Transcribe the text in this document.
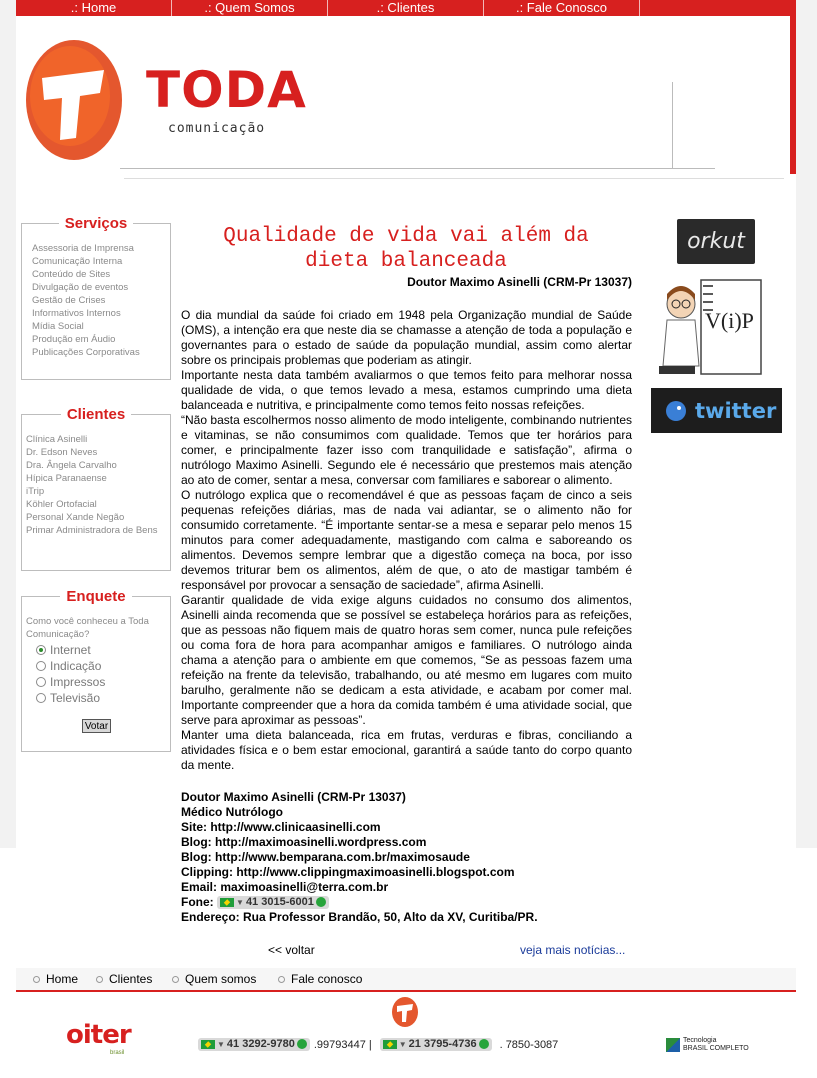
.: Home	.: Quem Somos	.: Clientes	.: Fale Conosco
TODA
comunicação
Serviços
Assessoria de Imprensa
Comunicação Interna
Conteúdo de Sites
Divulgação de eventos
Gestão de Crises
Informativos Internos
Mídia Social
Produção em Áudio
Publicações Corporativas
Clientes
Clínica Asinelli
Dr. Edson Neves
Dra. Ângela Carvalho
Hípica Paranaense
iTrip
Köhler Ortofacial
Personal Xande Negão
Primar Administradora de Bens
Enquete
Como você conheceu a Toda Comunicação?
Internet
Indicação
Impressos
Televisão
Votar
Qualidade de vida vai além da dieta balanceada
Doutor Maximo Asinelli (CRM-Pr 13037)

O dia mundial da saúde foi criado em 1948 pela Organização mundial de Saúde (OMS), a intenção era que neste dia se chamasse a atenção de toda a população e governantes para o estado de saúde da população mundial, assim como alertar sobre os principais problemas que poderiam as atingir.

Importante nesta data também avaliarmos o que temos feito para melhorar nossa qualidade de vida, o que temos levado a mesa, estamos cumprindo uma dieta balanceada e nutritiva, e principalmente como temos feito nossas refeições.

“Não basta escolhermos nosso alimento de modo inteligente, combinando nutrientes e vitaminas, se não consumimos com qualidade. Temos que ter horários para comer, e principalmente fazer isso com tranquilidade e satisfação”, afirma o nutrólogo Maximo Asinelli. Segundo ele é necessário que prestemos mais atenção ao ato de comer, sentar a mesa, conversar com familiares e saborear o alimento.

O nutrólogo explica que o recomendável é que as pessoas façam de cinco a seis pequenas refeições diárias, mas de nada vai adiantar, se o alimento não for consumido corretamente. “É importante sentar-se a mesa e separar pelo menos 15 minutos para comer adequadamente, mastigando com calma e saboreando os alimentos. Devemos sempre lembrar que a digestão começa na boca, por isso devemos triturar bem os alimentos, além de que, o ato de mastigar também é responsável por provocar a sensação de saciedade”, afirma Asinelli.

Garantir qualidade de vida exige alguns cuidados no consumo dos alimentos, Asinelli ainda recomenda que se possível se estabeleça horários para as refeições, que as pessoas não fiquem mais de quatro horas sem comer, nunca pule refeições ou coma fora de hora para acompanhar amigos e familiares. O nutrólogo ainda chama a atenção para o ambiente em que comemos, “Se as pessoas fazem uma refeição na frente da televisão, trabalhando, ou até mesmo em lugares com muito barulho, geralmente não se dedicam a esta atividade, e acabam por comer mal. Importante compreender que a hora da comida também é uma atividade social, que serve para aproximar as pessoas”.

Manter uma dieta balanceada, rica em frutas, verduras e fibras, conciliando a atividades física e o bem estar emocional, garantirá a saúde tanto do corpo quanto da mente.

Doutor Maximo Asinelli (CRM-Pr 13037)
Médico Nutrólogo
Site: http://www.clinicaasinelli.com
Blog: http://maximoasinelli.wordpress.com
Blog: http://www.bemparana.com.br/maximosaude
Clipping: http://www.clippingmaximoasinelli.blogspot.com
Email: maximoasinelli@terra.com.br
Fone:	▼ 41 3015-6001
Endereço: Rua Professor Brandão, 50, Alto da XV, Curitiba/PR.
<< voltar	veja mais notícias...
orkut
V(i)P
twitter
Home	Clientes	Quem somos	Fale conosco
oiter
brasil
▼ 41 3292-9780	.99793447 |	▼ 21 3795-4736	. 7850-3087	Tecnologia
BRASIL COMPLETO
